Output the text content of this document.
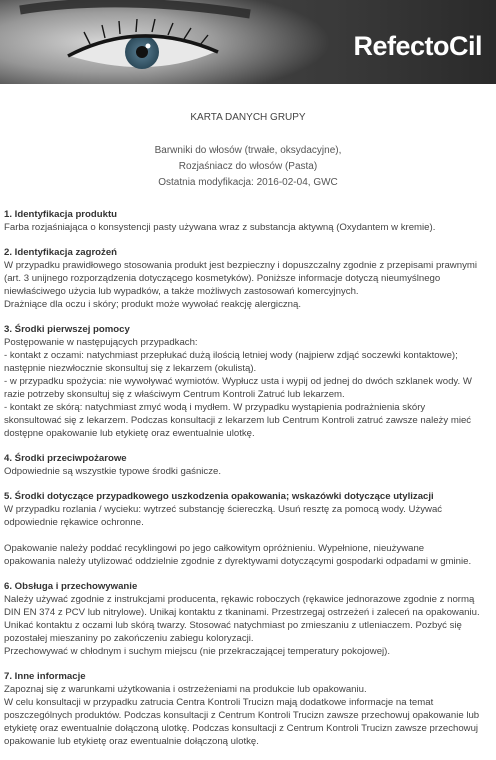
RefectoCil
KARTA DANYCH GRUPY
Barwniki do włosów (trwałe, oksydacyjne),
Rozjaśniacz do włosów (Pasta)
Ostatnia modyfikacja: 2016-02-04, GWC
1. Identyfikacja produktu

Farba rozjaśniająca o konsystencji pasty używana wraz z substancja aktywną (Oxydantem w kremie).

2. Identyfikacja zagrożeń

W przypadku prawidłowego stosowania produkt jest bezpieczny i dopuszczalny zgodnie z przepisami prawnymi
(art. 3 unijnego rozporządzenia dotyczącego kosmetyków). Poniższe informacje dotyczą nieumyślnego
niewłaściwego użycia lub wypadków, a także możliwych zastosowań komercyjnych.
Drażniące dla oczu i skóry; produkt może wywołać reakcję alergiczną.

3. Środki pierwszej pomocy

Postępowanie w następujących przypadkach:
- kontakt z oczami: natychmiast przepłukać dużą ilością letniej wody (najpierw zdjąć soczewki kontaktowe);
następnie niezwłocznie skonsultuj się z lekarzem (okulistą).
- w przypadku spożycia: nie wywoływać wymiotów. Wypłucz usta i wypij od jednej do dwóch szklanek wody. W
razie potrzeby skonsultuj się z właściwym Centrum Kontroli Zatruć lub lekarzem.
- kontakt ze skórą: natychmiast zmyć wodą i mydłem. W przypadku wystąpienia podrażnienia skóry
skonsultować się z lekarzem. Podczas konsultacji z lekarzem lub Centrum Kontroli zatruć zawsze należy mieć
dostępne opakowanie lub etykietę oraz ewentualnie ulotkę.

4. Środki przeciwpożarowe

Odpowiednie są wszystkie typowe środki gaśnicze.

5. Środki dotyczące przypadkowego uszkodzenia opakowania; wskazówki dotyczące utylizacji

W przypadku rozlania / wycieku: wytrzeć substancję ściereczką. Usuń resztę za pomocą wody. Używać
odpowiednie rękawice ochronne.

Opakowanie należy poddać recyklingowi po jego całkowitym opróżnieniu. Wypełnione, nieużywane
opakowania należy utylizować oddzielnie zgodnie z dyrektywami dotyczącymi gospodarki odpadami w gminie.

6. Obsługa i przechowywanie

Należy używać zgodnie z instrukcjami producenta, rękawic roboczych (rękawice jednorazowe zgodnie z normą
DIN EN 374 z PCV lub nitrylowe). Unikaj kontaktu z tkaninami. Przestrzegaj ostrzeżeń i zaleceń na opakowaniu.
Unikać kontaktu z oczami lub skórą twarzy. Stosować natychmiast po zmieszaniu z utleniaczem. Pozbyć się
pozostałej mieszaniny po zakończeniu zabiegu koloryzacji.
Przechowywać w chłodnym i suchym miejscu (nie przekraczającej temperatury pokojowej).

7. Inne informacje

Zapoznaj się z warunkami użytkowania i ostrzeżeniami na produkcie lub opakowaniu.
W celu konsultacji w przypadku zatrucia Centra Kontroli Trucizn mają dodatkowe informacje na temat
poszczególnych produktów. Podczas konsultacji z Centrum Kontroli Trucizn zawsze przechowuj opakowanie lub
etykietę oraz ewentualnie dołączoną ulotkę. Podczas konsultacji z Centrum Kontroli Trucizn zawsze przechowuj
opakowanie lub etykietę oraz ewentualnie dołączoną ulotkę.
